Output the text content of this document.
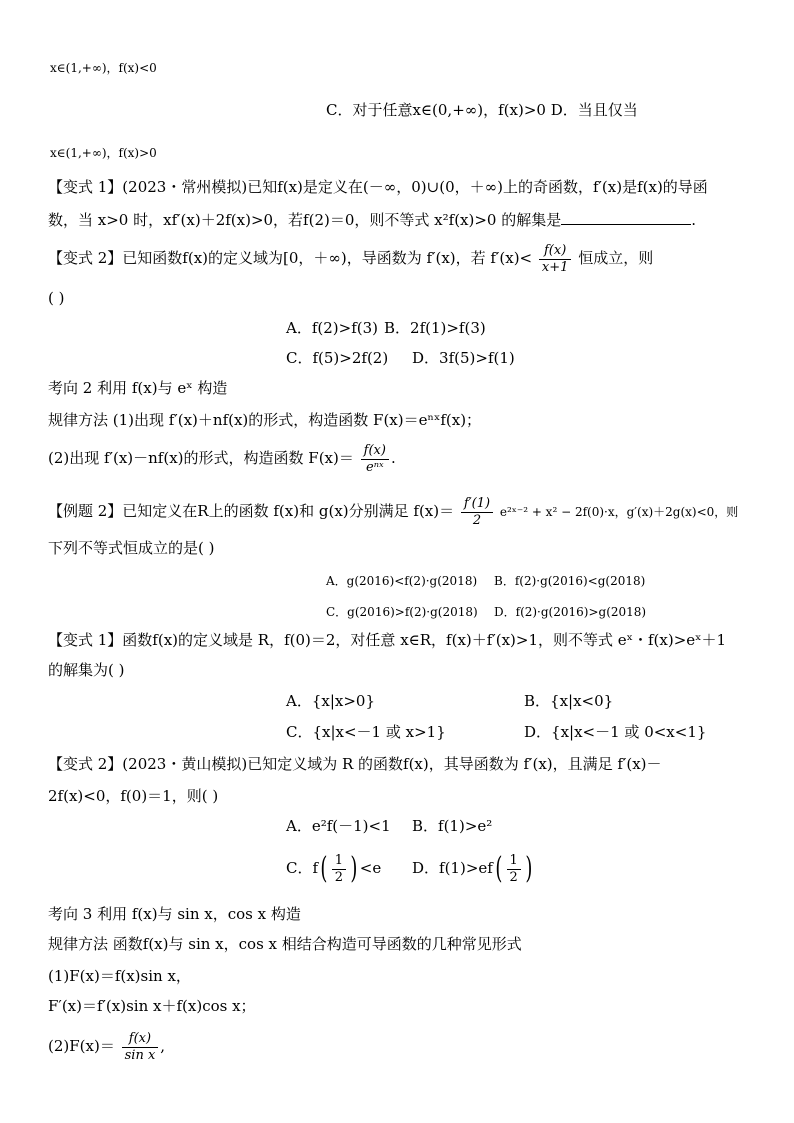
x∈(1,+∞)，f(x)<0
C．对于任意x∈(0,+∞)，f(x)>0 D．当且仅当
x∈(1,+∞)，f(x)>0
【变式 1】(2023・常州模拟)已知f(x)是定义在(－∞，0)∪(0，＋∞)上的奇函数，f′(x)是f(x)的导函
数，当 x>0 时，xf′(x)＋2f(x)>0，若f(2)＝0，则不等式 x²f(x)>0 的解集是	.
【变式 2】已知函数f(x)的定义域为[0，＋∞)，导函数为 f′(x)，若 $f'(x)< \frac{f(x)}{x+1}$ 恒成立，则
( )
A．f(2)>f(3) B．2f(1)>f(3)
C．f(5)>2f(2) D．3f(5)>f(1)
考向 2 利用 f(x)与 eˣ 构造
规律方法 (1)出现 f′(x)＋nf(x)的形式，构造函数 F(x)＝eⁿˣf(x)；
(2)出现 f′(x)－nf(x)的形式，构造函数 $F(x)= \frac{f(x)}{\text{eⁿˣ}}$ .
【例题 2】已知定义在R上的函数 f(x)和 g(x)分别满足 $f(x)= \frac{f'(1)}{2}$ e²ˣ⁻² + x² − 2f(0)·x，g′(x)＋2g(x)<0，则
下列不等式恒成立的是( )
A．g(2016)<f(2)·g(2018) B．f(2)·g(2016)<g(2018)
C．g(2016)>f(2)·g(2018) D．f(2)·g(2016)>g(2018)
【变式 1】函数f(x)的定义域是 R，f(0)＝2，对任意 x∈R，f(x)＋f′(x)>1，则不等式 eˣ・f(x)>eˣ＋1
的解集为( )
A．{x|x>0}	B．{x|x<0}
C．{x|x<－1 或 x>1}	D．{x|x<－1 或 0<x<1}
【变式 2】(2023・黄山模拟)已知定义域为 R 的函数f(x)，其导函数为 f′(x)，且满足 f′(x)－
2f(x)<0，f(0)＝1，则( )
A．e²f(－1)<1 B．f(1)>e²
C．$f( \frac{1}{2}$ ) <e D．$f(1)>ef( \frac{1}{2}$ )
考向 3 利用 f(x)与 sin x，cos x 构造
规律方法 函数f(x)与 sin x，cos x 相结合构造可导函数的几种常见形式
(1)F(x)＝f(x)sin x，
F′(x)＝f′(x)sin x＋f(x)cos x；
$(2)F(x)= \frac{f(x)}{\text{sin x}}$ ,
